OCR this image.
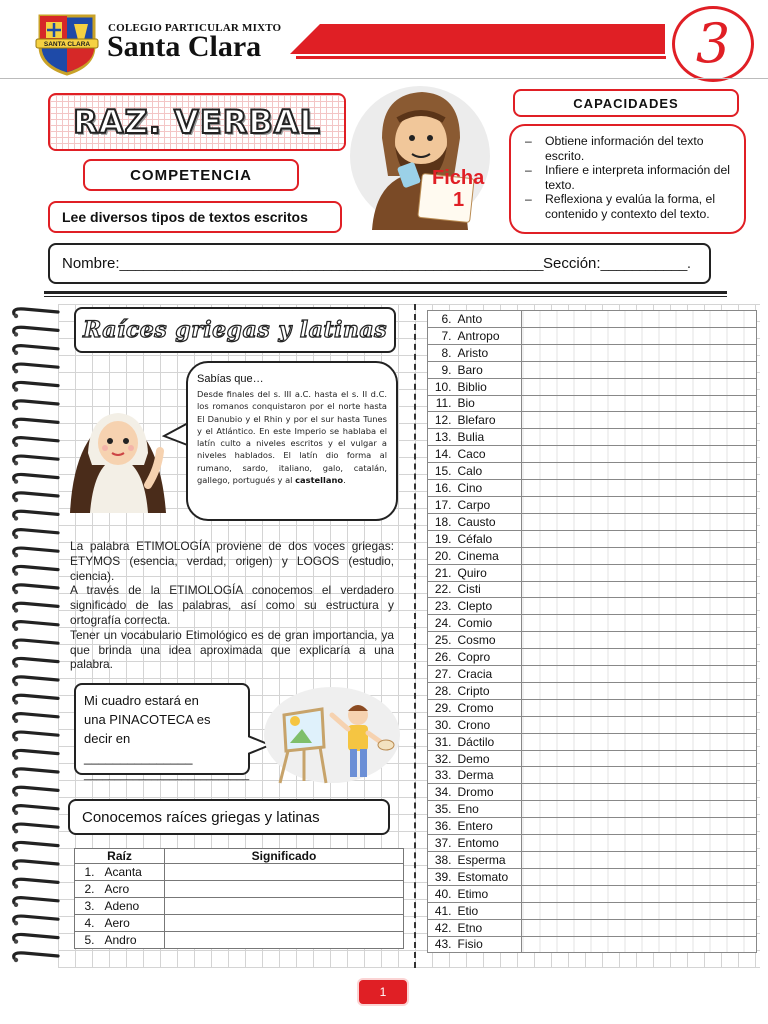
SANTA CLARA
COLEGIO PARTICULAR MIXTO
Santa Clara	3
RAZ. VERBAL
COMPETENCIA
Lee diversos tipos de textos escritos
Ficha
1
CAPACIDADES
– Obtiene información del texto escrito.
– Infiere e interpreta información del texto.
– Reflexiona y evalúa la forma, el contenido y contexto del texto.
Nombre: ______________________________________________________ Sección: ___________.
Raíces griegas y latinas
Sabías que…
Desde finales del s. III a.C. hasta el s. II d.C. los romanos conquistaron por el norte hasta El Danubio y el Rhin y por el sur hasta Tunes y el Atlántico. En este Imperio se hablaba el latín culto a niveles escritos y el vulgar a niveles hablados. El latín dio forma al rumano, sardo, italiano, galo, catalán, gallego, portugués y al castellano.

La palabra ETIMOLOGÍA proviene de dos voces griegas: ETYMOS (esencia, verdad, origen) y LOGOS (estudio, ciencia).

A través de la ETIMOLOGÍA conocemos el verdadero significado de las palabras, así como su estructura y ortografía correcta.

Tener un vocabulario Etimológico es de gran importancia, ya que brinda una idea aproximada que explicaría a una palabra.

Mi cuadro estará en
una PINACOTECA es
decir en _______________
___________________________
Conocemos raíces griegas y latinas
Raíz		Significado
1.	Acanta	
2.	Acro	
3.	Adeno	
4.	Aero	
5.	Andro	
6.	Anto	
7.	Antropo	
8.	Aristo	
9.	Baro	
10.	Biblio	
11.	Bio	
12.	Blefaro	
13.	Bulia	
14.	Caco	
15.	Calo	
16.	Cino	
17.	Carpo	
18.	Causto	
19.	Céfalo	
20.	Cinema	
21.	Quiro	
22.	Cisti	
23.	Clepto	
24.	Comio	
25.	Cosmo	
26.	Copro	
27.	Cracia	
28.	Cripto	
29.	Cromo	
30.	Crono	
31.	Dáctilo	
32.	Demo	
33.	Derma	
34.	Dromo	
35.	Eno	
36.	Entero	
37.	Entomo	
38.	Esperma	
39.	Estomato	
40.	Etimo	
41.	Etio	
42.	Etno	
43.	Fisio	
1
